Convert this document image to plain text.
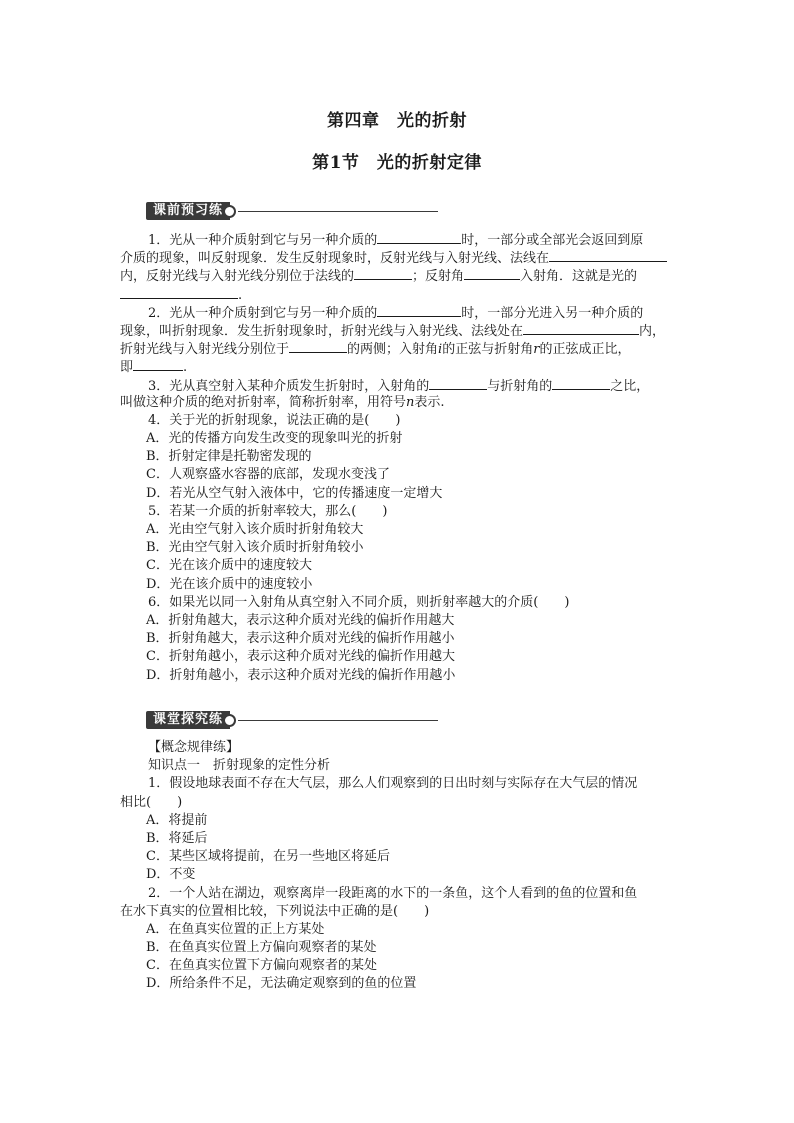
第四章　光的折射
第1节　光的折射定律
课前预习练
1．光从一种介质射到它与另一种介质的	时，一部分或全部光会返回到原
介质的现象，叫反射现象．发生反射现象时，反射光线与入射光线、法线在
内，反射光线与入射光线分别位于法线的	；反射角	入射角．这就是光的
.
2．光从一种介质射到它与另一种介质的	时，一部分光进入另一种介质的
现象，叫折射现象．发生折射现象时，折射光线与入射光线、法线处在	内，
折射光线与入射光线分别位于	的两侧；入射角i的正弦与折射角r的正弦成正比，
即	.
3．光从真空射入某种介质发生折射时，入射角的	与折射角的	之比，
叫做这种介质的绝对折射率，简称折射率，用符号n表示.
4．关于光的折射现象，说法正确的是(　　)
A．光的传播方向发生改变的现象叫光的折射
B．折射定律是托勒密发现的
C．人观察盛水容器的底部，发现水变浅了
D．若光从空气射入液体中，它的传播速度一定增大
5．若某一介质的折射率较大，那么(　　)
A．光由空气射入该介质时折射角较大
B．光由空气射入该介质时折射角较小
C．光在该介质中的速度较大
D．光在该介质中的速度较小
6．如果光以同一入射角从真空射入不同介质，则折射率越大的介质(　　)
A．折射角越大，表示这种介质对光线的偏折作用越大
B．折射角越大，表示这种介质对光线的偏折作用越小
C．折射角越小，表示这种介质对光线的偏折作用越大
D．折射角越小，表示这种介质对光线的偏折作用越小
课堂探究练
【概念规律练】
知识点一　折射现象的定性分析
1．假设地球表面不存在大气层，那么人们观察到的日出时刻与实际存在大气层的情况
相比(　　)
A．将提前
B．将延后
C．某些区域将提前，在另一些地区将延后
D．不变
2．一个人站在湖边，观察离岸一段距离的水下的一条鱼，这个人看到的鱼的位置和鱼
在水下真实的位置相比较，下列说法中正确的是(　　)
A．在鱼真实位置的正上方某处
B．在鱼真实位置上方偏向观察者的某处
C．在鱼真实位置下方偏向观察者的某处
D．所给条件不足，无法确定观察到的鱼的位置
